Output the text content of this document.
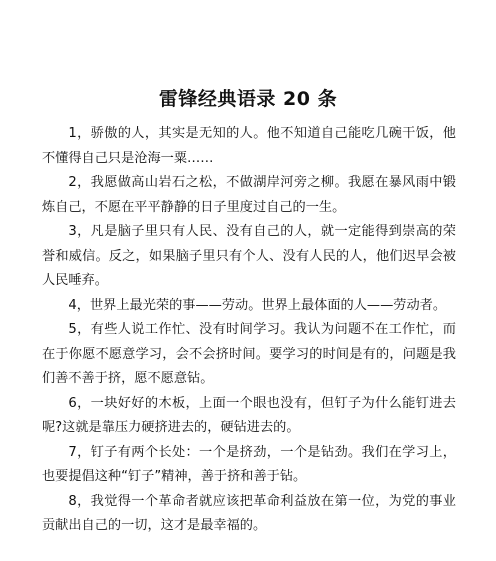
雷锋经典语录 20 条

1，骄傲的人，其实是无知的人。他不知道自己能吃几碗干饭，他不懂得自己只是沧海一粟……

2，我愿做高山岩石之松，不做湖岸河旁之柳。我愿在暴风雨中锻炼自己，不愿在平平静静的日子里度过自己的一生。

3，凡是脑子里只有人民、没有自己的人，就一定能得到崇高的荣誉和威信。反之，如果脑子里只有个人、没有人民的人，他们迟早会被人民唾弃。

4，世界上最光荣的事——劳动。世界上最体面的人——劳动者。

5，有些人说工作忙、没有时间学习。我认为问题不在工作忙，而在于你愿不愿意学习，会不会挤时间。要学习的时间是有的，问题是我们善不善于挤，愿不愿意钻。

6，一块好好的木板，上面一个眼也没有，但钉子为什么能钉进去呢?这就是靠压力硬挤进去的，硬钻进去的。

7，钉子有两个长处：一个是挤劲，一个是钻劲。我们在学习上，也要提倡这种“钉子”精神，善于挤和善于钻。

8，我觉得一个革命者就应该把革命利益放在第一位，为党的事业贡献出自己的一切，这才是最幸福的。
